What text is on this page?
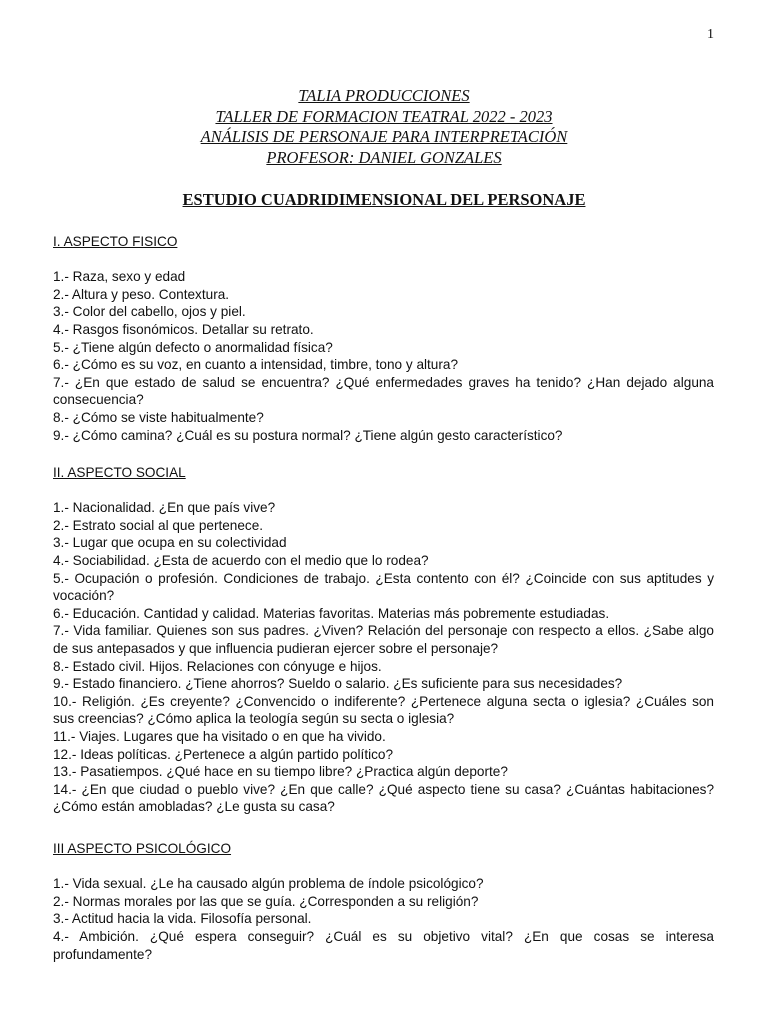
1
TALIA PRODUCCIONES
TALLER DE FORMACION TEATRAL 2022 - 2023
ANÁLISIS DE PERSONAJE PARA INTERPRETACIÓN
PROFESOR: DANIEL GONZALES
ESTUDIO CUADRIDIMENSIONAL DEL PERSONAJE

I. ASPECTO FISICO

1.- Raza, sexo y edad

2.- Altura y peso. Contextura.

3.- Color del cabello, ojos y piel.

4.- Rasgos fisonómicos. Detallar su retrato.

5.- ¿Tiene algún defecto o anormalidad física?

6.- ¿Cómo es su voz, en cuanto a intensidad, timbre, tono y altura?

7.- ¿En que estado de salud se encuentra? ¿Qué enfermedades graves ha tenido? ¿Han dejado alguna consecuencia?

8.- ¿Cómo se viste habitualmente?

9.- ¿Cómo camina? ¿Cuál es su postura normal? ¿Tiene algún gesto característico?

II. ASPECTO SOCIAL

1.- Nacionalidad. ¿En que país vive?

2.- Estrato social al que pertenece.

3.- Lugar que ocupa en su colectividad

4.- Sociabilidad. ¿Esta de acuerdo con el medio que lo rodea?

5.- Ocupación o profesión. Condiciones de trabajo. ¿Esta contento con él? ¿Coincide con sus aptitudes y vocación?

6.- Educación. Cantidad y calidad. Materias favoritas. Materias más pobremente estudiadas.

7.- Vida familiar. Quienes son sus padres. ¿Viven? Relación del personaje con respecto a ellos. ¿Sabe algo de sus antepasados y que influencia pudieran ejercer sobre el personaje?

8.- Estado civil. Hijos. Relaciones con cónyuge e hijos.

9.- Estado financiero. ¿Tiene ahorros? Sueldo o salario. ¿Es suficiente para sus necesidades?

10.- Religión. ¿Es creyente? ¿Convencido o indiferente? ¿Pertenece alguna secta o iglesia? ¿Cuáles son sus creencias? ¿Cómo aplica la teología según su secta o iglesia?

11.- Viajes. Lugares que ha visitado o en que ha vivido.

12.- Ideas políticas. ¿Pertenece a algún partido político?

13.- Pasatiempos. ¿Qué hace en su tiempo libre? ¿Practica algún deporte?

14.- ¿En que ciudad o pueblo vive? ¿En que calle? ¿Qué aspecto tiene su casa? ¿Cuántas habitaciones? ¿Cómo están amobladas? ¿Le gusta su casa?

III ASPECTO PSICOLÓGICO

1.- Vida sexual. ¿Le ha causado algún problema de índole psicológico?

2.- Normas morales por las que se guía. ¿Corresponden a su religión?

3.- Actitud hacia la vida. Filosofía personal.

4.- Ambición. ¿Qué espera conseguir? ¿Cuál es su objetivo vital? ¿En que cosas se interesa profundamente?
